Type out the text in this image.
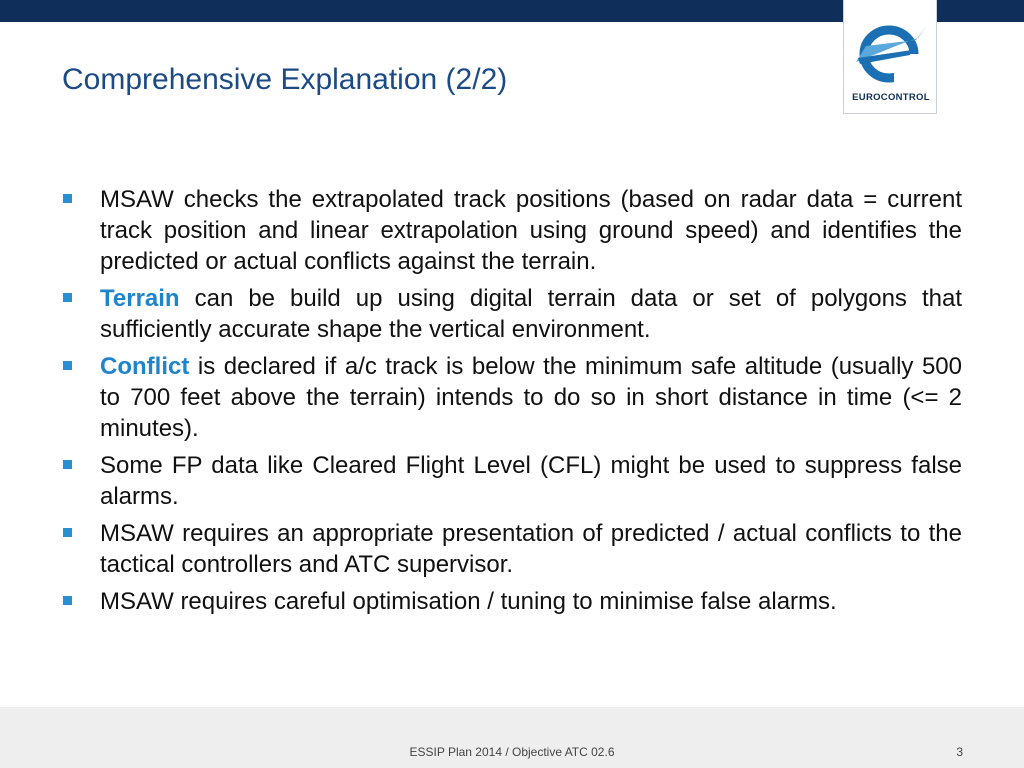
EUROCONTROL
Comprehensive Explanation (2/2)
MSAW checks the extrapolated track positions (based on radar data = current track position and linear extrapolation using ground speed) and identifies the predicted or actual conflicts against the terrain.
Terrain can be build up using digital terrain data or set of polygons that sufficiently accurate shape the vertical environment.
Conflict is declared if a/c track is below the minimum safe altitude (usually 500 to 700 feet above the terrain) intends to do so in short distance in time (<= 2 minutes).
Some FP data like Cleared Flight Level (CFL) might be used to suppress false alarms.
MSAW requires an appropriate presentation of predicted / actual conflicts to the tactical controllers and ATC supervisor.
MSAW requires careful optimisation / tuning to minimise false alarms.
ESSIP Plan 2014 / Objective ATC 02.6	3
